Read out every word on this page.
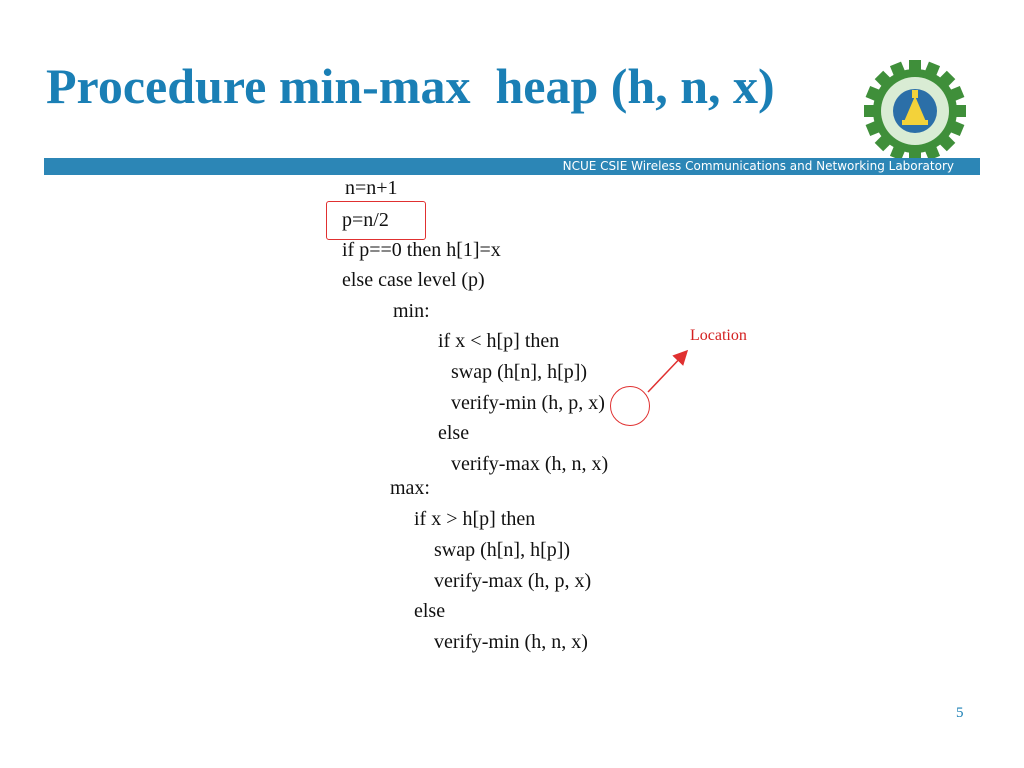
Procedure min-max  heap (h, n, x)
NCUE CSIE Wireless Communications and Networking Laboratory
n=n+1
p=n/2
if p==0 then h[1]=x
else case level (p)
min:
if x < h[p] then
swap (h[n], h[p])
verify-min (h, p, x)
else
verify-max (h, n, x)
max:
if x > h[p] then
swap (h[n], h[p])
verify-max (h, p, x)
else
verify-min (h, n, x)
Location
5
